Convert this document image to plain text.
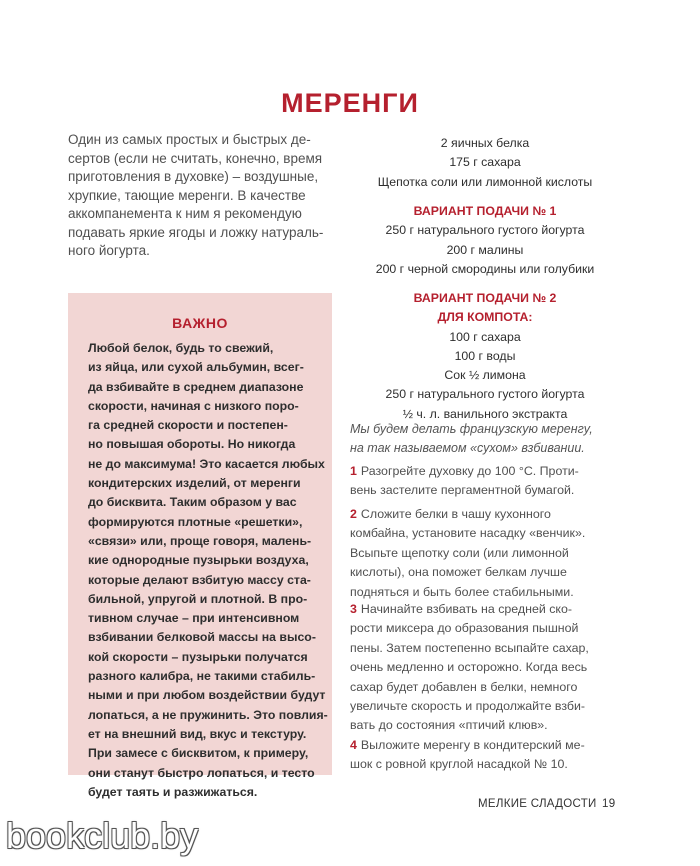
МЕРЕНГИ
Один из самых простых и быстрых де-
сертов (если не считать, конечно, время
приготовления в духовке) – воздушные,
хрупкие, тающие меренги. В качестве
аккомпанемента к ним я рекомендую
подавать яркие ягоды и ложку натураль-
ного йогурта.
ВАЖНО
Любой белок, будь то свежий,
из яйца, или сухой альбумин, всег-
да взбивайте в среднем диапазоне
скорости, начиная с низкого поро-
га средней скорости и постепен-
но повышая обороты. Но никогда
не до максимума! Это касается любых
кондитерских изделий, от меренги
до бисквита. Таким образом у вас
формируются плотные «решетки»,
«связи» или, проще говоря, малень-
кие однородные пузырьки воздуха,
которые делают взбитую массу ста-
бильной, упругой и плотной. В про-
тивном случае – при интенсивном
взбивании белковой массы на высо-
кой скорости – пузырьки получатся
разного калибра, не такими стабиль-
ными и при любом воздействии будут
лопаться, а не пружинить. Это повлия-
ет на внешний вид, вкус и текстуру.
При замесе с бисквитом, к примеру,
они станут быстро лопаться, и тесто
будет таять и разжижаться.
2 яичных белка
175 г сахара
Щепотка соли или лимонной кислоты
ВАРИАНТ ПОДАЧИ № 1
250 г натурального густого йогурта
200 г малины
200 г черной смородины или голубики
ВАРИАНТ ПОДАЧИ № 2
ДЛЯ КОМПОТА:
100 г сахара
100 г воды
Сок ½ лимона
250 г натурального густого йогурта
½ ч. л. ванильного экстракта
Мы будем делать французскую меренгу,
на так называемом «сухом» взбивании.
1 Разогрейте духовку до 100 °С. Проти-
вень застелите пергаментной бумагой.
2 Сложите белки в чашу кухонного
комбайна, установите насадку «венчик».
Всыпьте щепотку соли (или лимонной
кислоты), она поможет белкам лучше
подняться и быть более стабильными.
3 Начинайте взбивать на средней ско-
рости миксера до образования пышной
пены. Затем постепенно всыпайте сахар,
очень медленно и осторожно. Когда весь
сахар будет добавлен в белки, немного
увеличьте скорость и продолжайте взби-
вать до состояния «птичий клюв».
4 Выложите меренгу в кондитерский ме-
шок с ровной круглой насадкой № 10.
МЕЛКИЕ СЛАДОСТИ 19
bookclub.by
